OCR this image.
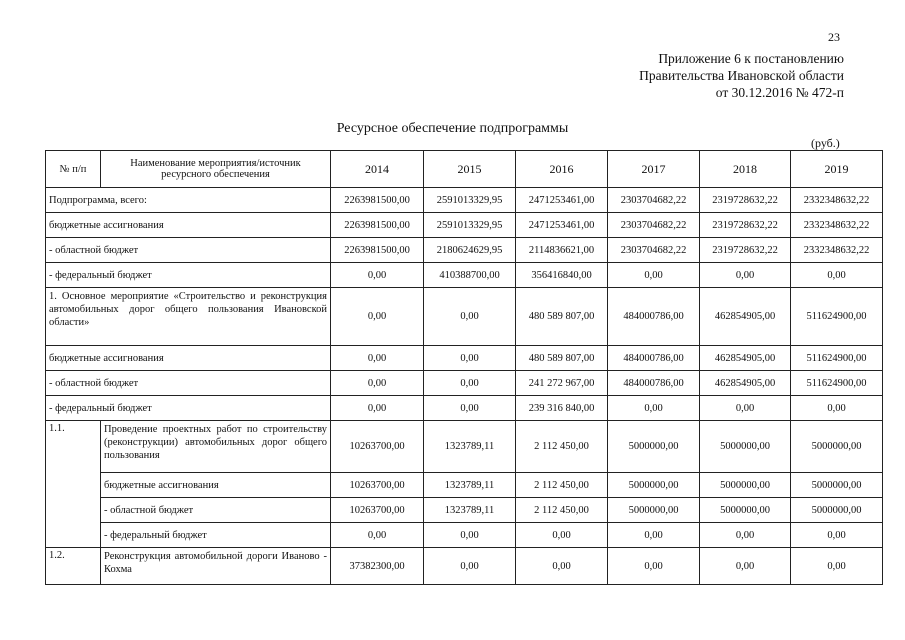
23
Приложение 6 к постановлению
Правительства Ивановской области
от 30.12.2016 № 472-п
Ресурсное обеспечение подпрограммы
(руб.)
№ п/п	Наименование мероприятия/источник ресурсного обеспечения	2014	2015	2016	2017	2018	2019
Подпрограмма, всего:		2263981500,00	2591013329,95	2471253461,00	2303704682,22	2319728632,22	2332348632,22
бюджетные ассигнования		2263981500,00	2591013329,95	2471253461,00	2303704682,22	2319728632,22	2332348632,22
- областной бюджет		2263981500,00	2180624629,95	2114836621,00	2303704682,22	2319728632,22	2332348632,22
- федеральный бюджет		0,00	410388700,00	356416840,00	0,00	0,00	0,00
1. Основное мероприятие «Строительство и реконструкция автомобильных дорог общего пользования Ивановской области»		0,00	0,00	480 589 807,00	484000786,00	462854905,00	511624900,00
бюджетные ассигнования		0,00	0,00	480 589 807,00	484000786,00	462854905,00	511624900,00
- областной бюджет		0,00	0,00	241 272 967,00	484000786,00	462854905,00	511624900,00
- федеральный бюджет		0,00	0,00	239 316 840,00	0,00	0,00	0,00
1.1.	Проведение проектных работ по строительству (реконструкции) автомобильных дорог общего пользования	10263700,00	1323789,11	2 112 450,00	5000000,00	5000000,00	5000000,00
	бюджетные ассигнования	10263700,00	1323789,11	2 112 450,00	5000000,00	5000000,00	5000000,00
	- областной бюджет	10263700,00	1323789,11	2 112 450,00	5000000,00	5000000,00	5000000,00
	- федеральный бюджет	0,00	0,00	0,00	0,00	0,00	0,00
1.2.	Реконструкция автомобильной дороги Иваново - Кохма	37382300,00	0,00	0,00	0,00	0,00	0,00
